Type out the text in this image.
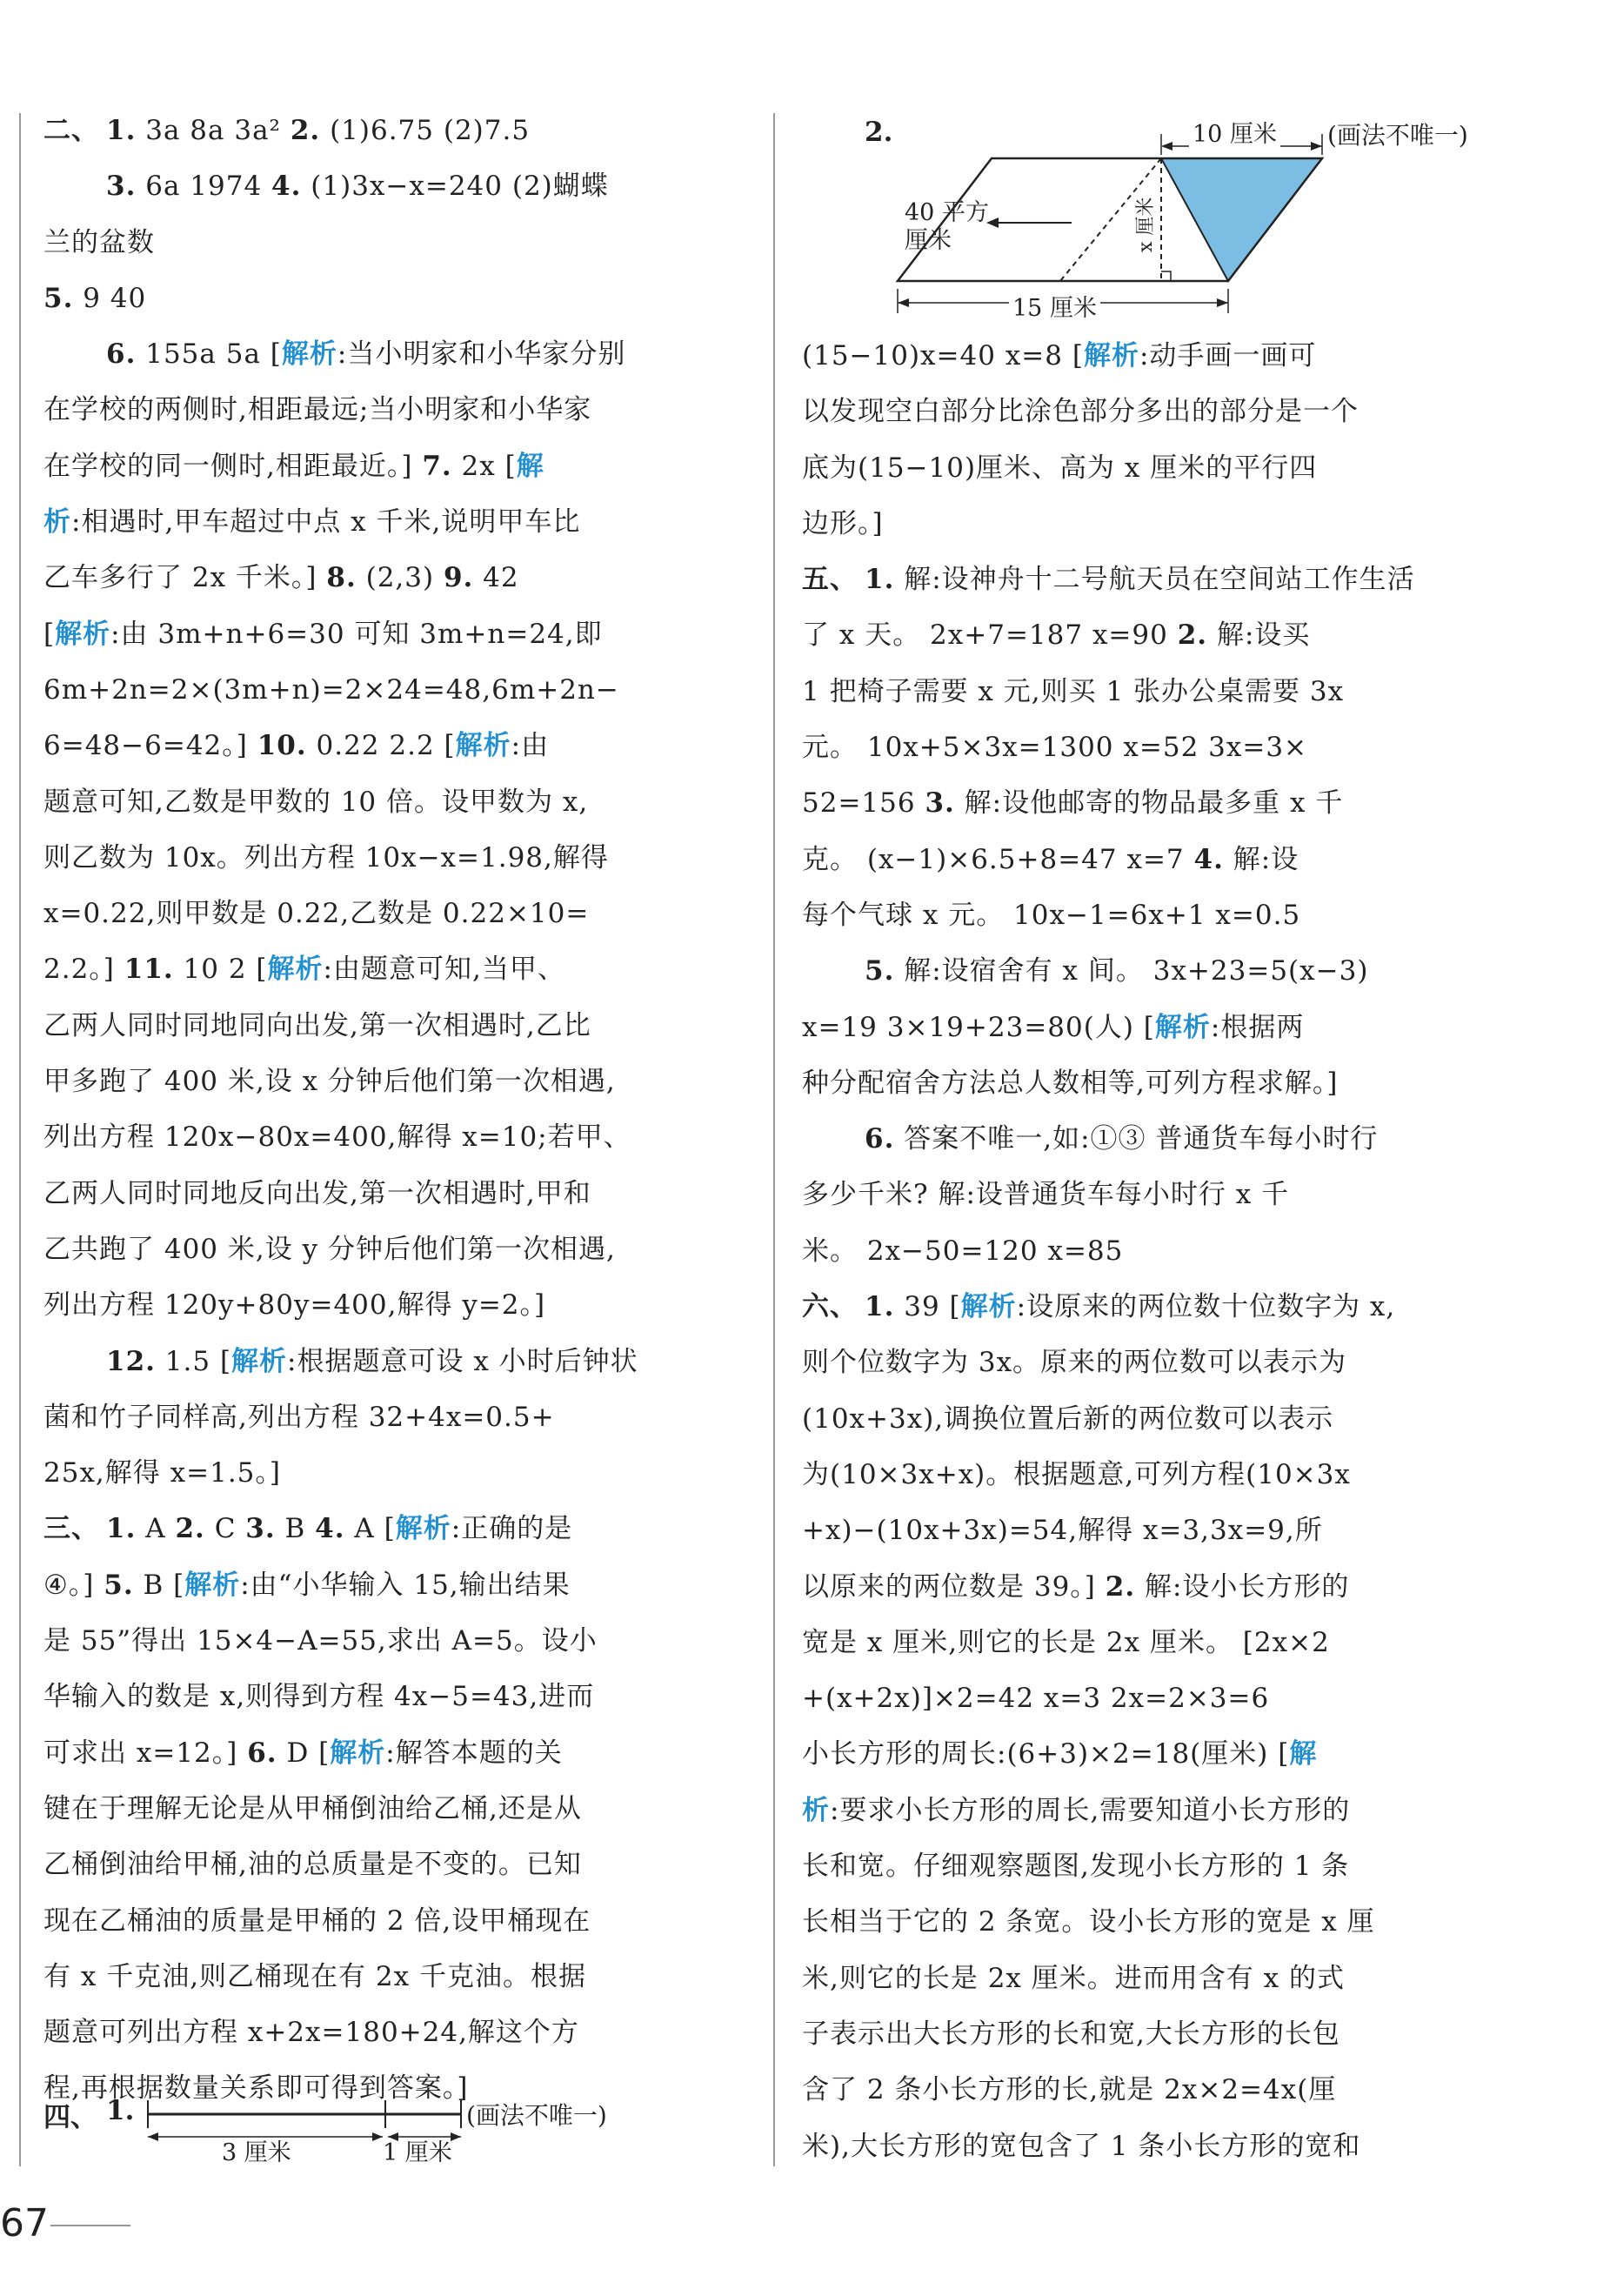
二、 1. 3a 8a 3a² 2. (1)6.75 (2)7.5
3. 6a 1974 4. (1)3x−x=240 (2)蝴蝶
兰的盆数
5. 9 40
6. 155a 5a [解析:当小明家和小华家分别
在学校的两侧时,相距最远;当小明家和小华家
在学校的同一侧时,相距最近。] 7. 2x [解
析:相遇时,甲车超过中点 x 千米,说明甲车比
乙车多行了 2x 千米。] 8. (2,3) 9. 42
[解析:由 3m+n+6=30 可知 3m+n=24,即
6m+2n=2×(3m+n)=2×24=48,6m+2n−
6=48−6=42。] 10. 0.22 2.2 [解析:由
题意可知,乙数是甲数的 10 倍。设甲数为 x,
则乙数为 10x。列出方程 10x−x=1.98,解得
x=0.22,则甲数是 0.22,乙数是 0.22×10=
2.2。] 11. 10 2 [解析:由题意可知,当甲、
乙两人同时同地同向出发,第一次相遇时,乙比
甲多跑了 400 米,设 x 分钟后他们第一次相遇,
列出方程 120x−80x=400,解得 x=10;若甲、
乙两人同时同地反向出发,第一次相遇时,甲和
乙共跑了 400 米,设 y 分钟后他们第一次相遇,
列出方程 120y+80y=400,解得 y=2。]
12. 1.5 [解析:根据题意可设 x 小时后钟状
菌和竹子同样高,列出方程 32+4x=0.5+
25x,解得 x=1.5。]
三、 1. A 2. C 3. B 4. A [解析:正确的是
④。] 5. B [解析:由“小华输入 15,输出结果
是 55”得出 15×4−A=55,求出 A=5。设小
华输入的数是 x,则得到方程 4x−5=43,进而
可求出 x=12。] 6. D [解析:解答本题的关
键在于理解无论是从甲桶倒油给乙桶,还是从
乙桶倒油给甲桶,油的总质量是不变的。已知
现在乙桶油的质量是甲桶的 2 倍,设甲桶现在
有 x 千克油,则乙桶现在有 2x 千克油。根据
题意可列出方程 x+2x=180+24,解这个方
程,再根据数量关系即可得到答案。]
四、 1.
3 厘米	1 厘米
(画法不唯一)
2.	10 厘米 (画法不唯一)
40 平方
厘米
15 厘米
x 厘米
(15−10)x=40 x=8 [解析:动手画一画可
以发现空白部分比涂色部分多出的部分是一个
底为(15−10)厘米、高为 x 厘米的平行四
边形。]
五、 1. 解:设神舟十二号航天员在空间站工作生活
了 x 天。 2x+7=187 x=90 2. 解:设买
1 把椅子需要 x 元,则买 1 张办公桌需要 3x
元。 10x+5×3x=1300 x=52 3x=3×
52=156 3. 解:设他邮寄的物品最多重 x 千
克。 (x−1)×6.5+8=47 x=7 4. 解:设
每个气球 x 元。 10x−1=6x+1 x=0.5
5. 解:设宿舍有 x 间。 3x+23=5(x−3)
x=19 3×19+23=80(人) [解析:根据两
种分配宿舍方法总人数相等,可列方程求解。]
6. 答案不唯一,如:①③ 普通货车每小时行
多少千米? 解:设普通货车每小时行 x 千
米。 2x−50=120 x=85
六、 1. 39 [解析:设原来的两位数十位数字为 x,
则个位数字为 3x。原来的两位数可以表示为
(10x+3x),调换位置后新的两位数可以表示
为(10×3x+x)。根据题意,可列方程(10×3x
+x)−(10x+3x)=54,解得 x=3,3x=9,所
以原来的两位数是 39。] 2. 解:设小长方形的
宽是 x 厘米,则它的长是 2x 厘米。 [2x×2
+(x+2x)]×2=42 x=3 2x=2×3=6
小长方形的周长:(6+3)×2=18(厘米) [解
析:要求小长方形的周长,需要知道小长方形的
长和宽。仔细观察题图,发现小长方形的 1 条
长相当于它的 2 条宽。设小长方形的宽是 x 厘
米,则它的长是 2x 厘米。进而用含有 x 的式
子表示出大长方形的长和宽,大长方形的长包
含了 2 条小长方形的长,就是 2x×2=4x(厘
米),大长方形的宽包含了 1 条小长方形的宽和
67
